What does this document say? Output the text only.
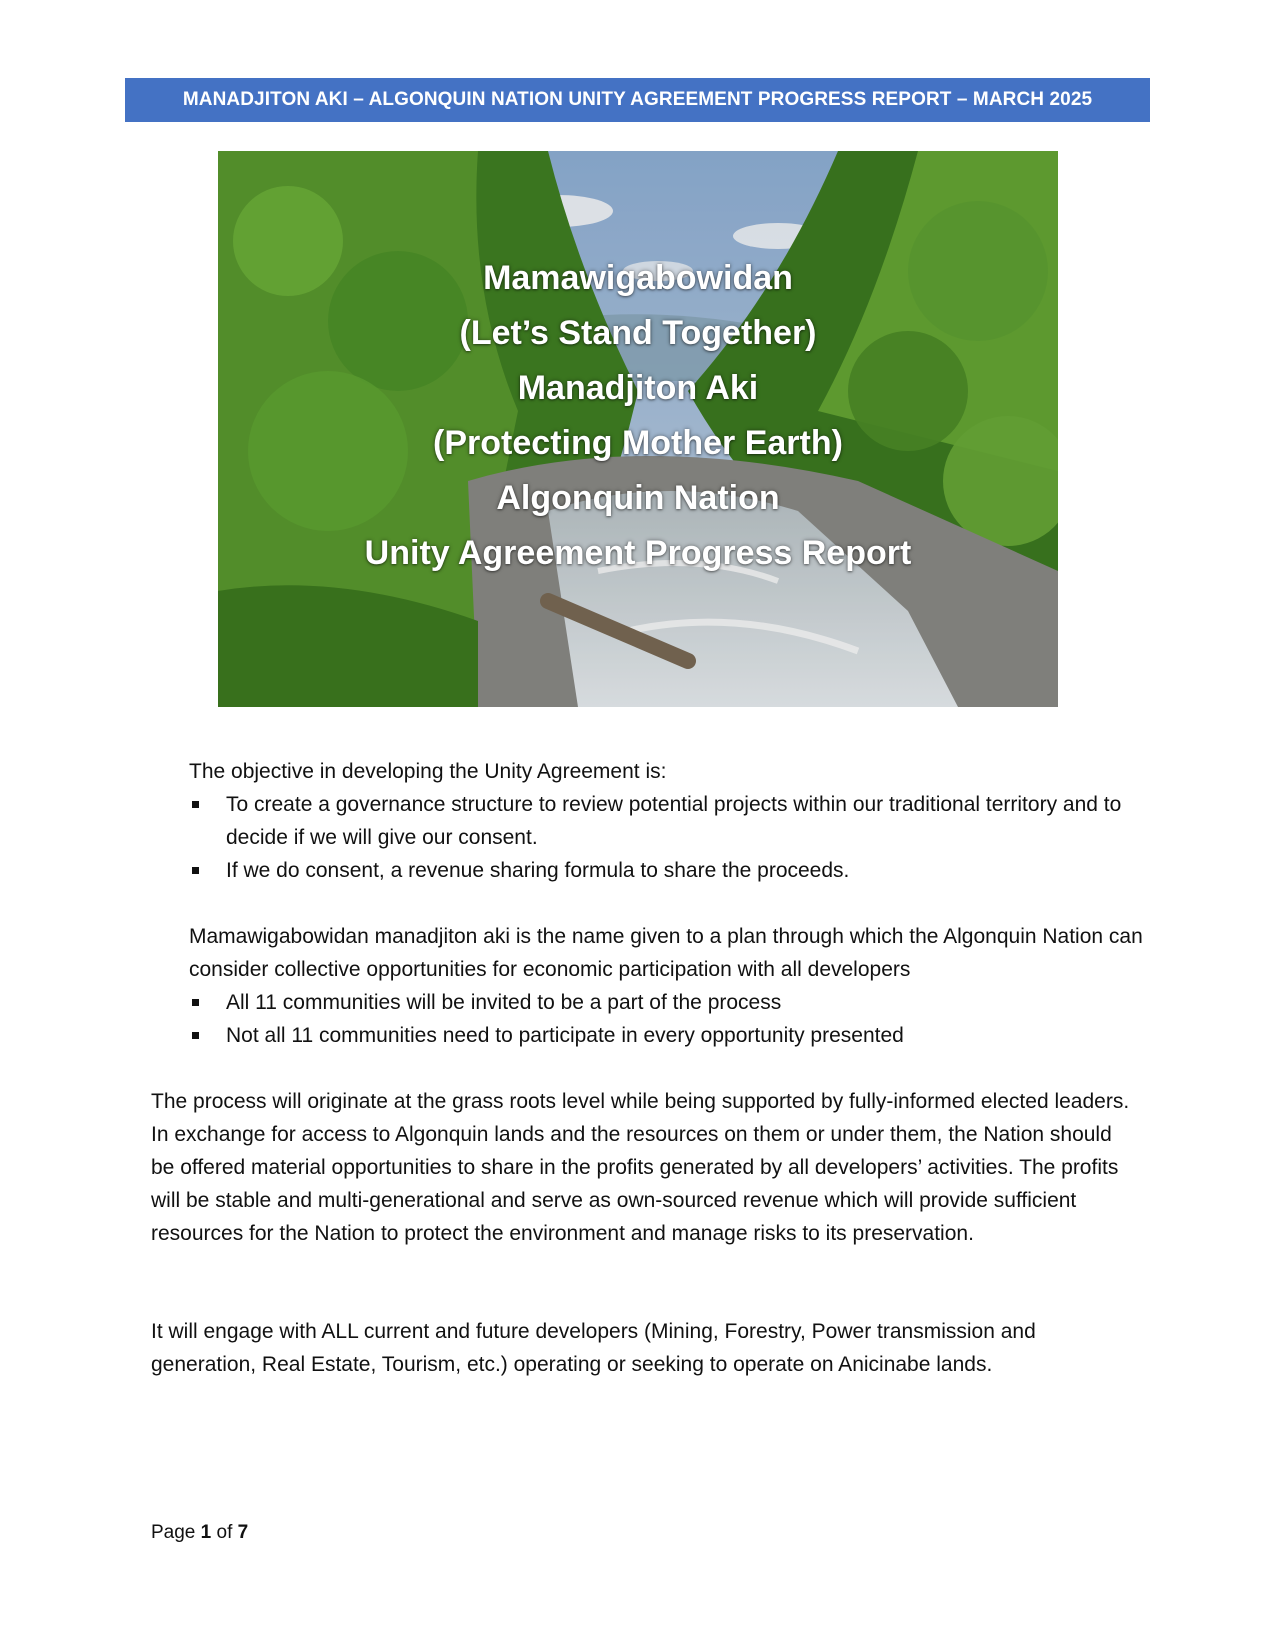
MANADJITON AKI – ALGONQUIN NATION UNITY AGREEMENT PROGRESS REPORT – MARCH 2025
Mamawigabowidan
(Let’s Stand Together)
Manadjiton Aki
(Protecting Mother Earth)
Algonquin Nation
Unity Agreement Progress Report
The objective in developing the Unity Agreement is:
To create a governance structure to review potential projects within our traditional territory and to decide if we will give our consent.
If we do consent, a revenue sharing formula to share the proceeds.
Mamawigabowidan manadjiton aki is the name given to a plan through which the Algonquin Nation can consider collective opportunities for economic participation with all developers
All 11 communities will be invited to be a part of the process
Not all 11 communities need to participate in every opportunity presented
The process will originate at the grass roots level while being supported by fully-informed elected leaders. In exchange for access to Algonquin lands and the resources on them or under them, the Nation should be offered material opportunities to share in the profits generated by all developers’ activities. The profits will be stable and multi-generational and serve as own-sourced revenue which will provide sufficient resources for the Nation to protect the environment and manage risks to its preservation.
It will engage with ALL current and future developers (Mining, Forestry, Power transmission and generation, Real Estate, Tourism, etc.) operating or seeking to operate on Anicinabe lands.
Page 1 of 7
